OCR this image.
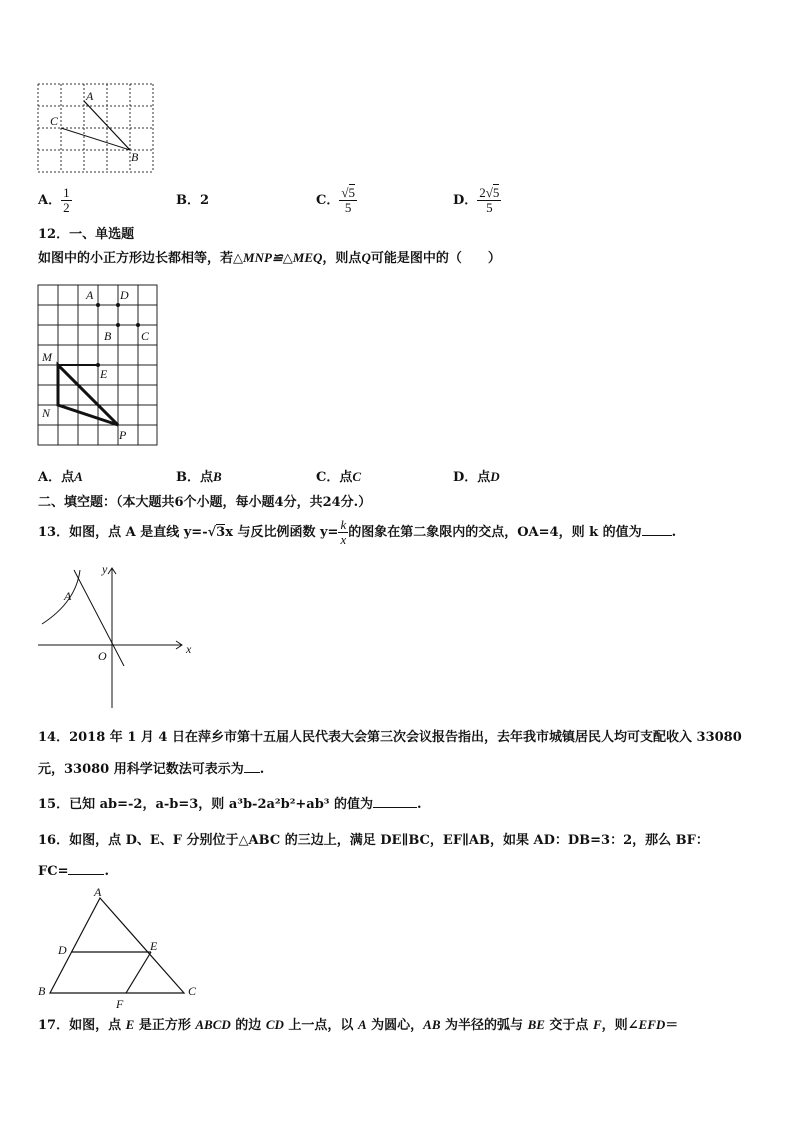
A
C
B
A． $\frac{1}{2}$	B．2	C． $\frac{√5}{5}$	D． $\frac{2√5}{5}$
12．一、单选题
如图中的小正方形边长都相等，若△MNP≌△MEQ，则点Q可能是图中的（　　）
A D
B C
M
E
N
P
A．点A	B．点B	C．点C	D．点D
二、填空题：（本大题共6个小题，每小题4分，共24分.）
13．如图，点 A 是直线 y=-√3x 与反比例函数 $y= \frac{k}{x}$ 的图象在第二象限内的交点，OA=4，则 k 的值为 .
y
A
O	x
14．2018 年 1 月 4 日在萍乡市第十五届人民代表大会第三次会议报告指出，去年我市城镇居民人均可支配收入 33080
元，33080 用科学记数法可表示为 .
15．已知 ab=-2，a-b=3，则 a³b-2a²b²+ab³ 的值为	.
16．如图，点 D、E、F 分别位于△ABC 的三边上，满足 DE∥BC，EF∥AB，如果 AD：DB=3：2，那么 BF：
FC=	.
A
D	E
B
F
C
17．如图，点 E 是正方形 ABCD 的边 CD 上一点，以 A 为圆心，AB 为半径的弧与 BE 交于点 F，则∠EFD＝
